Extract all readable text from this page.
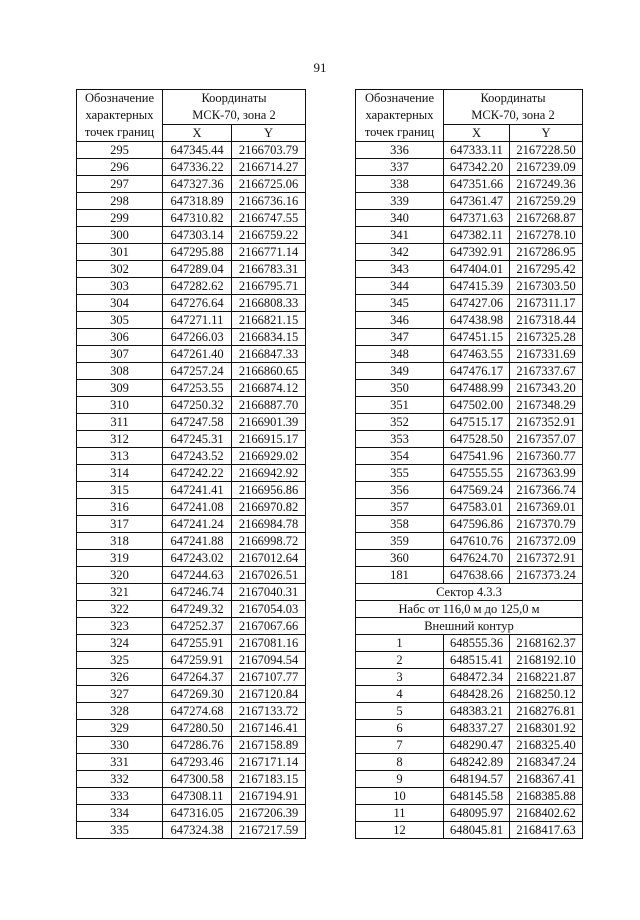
91
Обозначение
характерных
точек границ	Координаты
МСК-70, зона 2	
	X	Y
295	647345.44	2166703.79
296	647336.22	2166714.27
297	647327.36	2166725.06
298	647318.89	2166736.16
299	647310.82	2166747.55
300	647303.14	2166759.22
301	647295.88	2166771.14
302	647289.04	2166783.31
303	647282.62	2166795.71
304	647276.64	2166808.33
305	647271.11	2166821.15
306	647266.03	2166834.15
307	647261.40	2166847.33
308	647257.24	2166860.65
309	647253.55	2166874.12
310	647250.32	2166887.70
311	647247.58	2166901.39
312	647245.31	2166915.17
313	647243.52	2166929.02
314	647242.22	2166942.92
315	647241.41	2166956.86
316	647241.08	2166970.82
317	647241.24	2166984.78
318	647241.88	2166998.72
319	647243.02	2167012.64
320	647244.63	2167026.51
321	647246.74	2167040.31
322	647249.32	2167054.03
323	647252.37	2167067.66
324	647255.91	2167081.16
325	647259.91	2167094.54
326	647264.37	2167107.77
327	647269.30	2167120.84
328	647274.68	2167133.72
329	647280.50	2167146.41
330	647286.76	2167158.89
331	647293.46	2167171.14
332	647300.58	2167183.15
333	647308.11	2167194.91
334	647316.05	2167206.39
335	647324.38	2167217.59
Обозначение
характерных
точек границ	Координаты
МСК-70, зона 2	
	X	Y
336	647333.11	2167228.50
337	647342.20	2167239.09
338	647351.66	2167249.36
339	647361.47	2167259.29
340	647371.63	2167268.87
341	647382.11	2167278.10
342	647392.91	2167286.95
343	647404.01	2167295.42
344	647415.39	2167303.50
345	647427.06	2167311.17
346	647438.98	2167318.44
347	647451.15	2167325.28
348	647463.55	2167331.69
349	647476.17	2167337.67
350	647488.99	2167343.20
351	647502.00	2167348.29
352	647515.17	2167352.91
353	647528.50	2167357.07
354	647541.96	2167360.77
355	647555.55	2167363.99
356	647569.24	2167366.74
357	647583.01	2167369.01
358	647596.86	2167370.79
359	647610.76	2167372.09
360	647624.70	2167372.91
181	647638.66	2167373.24
Сектор 4.3.3		
Набс от 116,0 м до 125,0 м		
Внешний контур		
1	648555.36	2168162.37
2	648515.41	2168192.10
3	648472.34	2168221.87
4	648428.26	2168250.12
5	648383.21	2168276.81
6	648337.27	2168301.92
7	648290.47	2168325.40
8	648242.89	2168347.24
9	648194.57	2168367.41
10	648145.58	2168385.88
11	648095.97	2168402.62
12	648045.81	2168417.63
